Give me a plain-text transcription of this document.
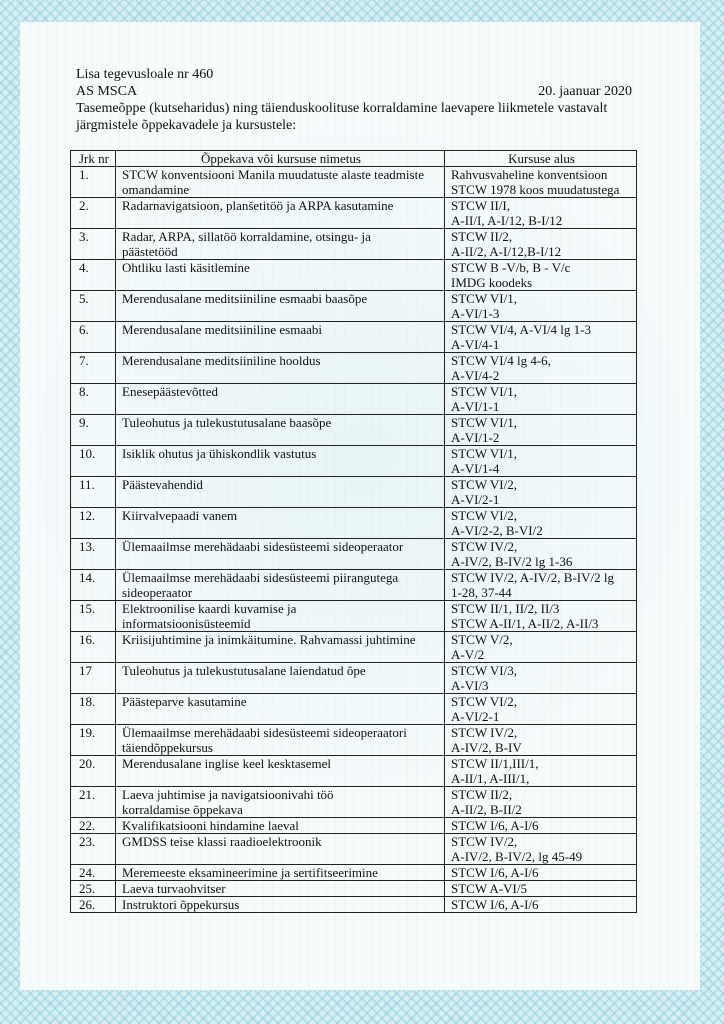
Lisa tegevusloale nr 460
AS MSCA	20. jaanuar 2020
Tasemeõppe (kutseharidus) ning täienduskoolituse korraldamine laevapere liikmetele vastavalt
järgmistele õppekavadele ja kursustele:
Jrk nr	Õppekava või kursuse nimetus	Kursuse alus
1.	STCW konventsiooni Manila muudatuste alaste teadmiste
omandamine	Rahvusvaheline konventsioon
STCW 1978 koos muudatustega

2.	Radarnavigatsioon, planšetitöö ja ARPA kasutamine	STCW II/I,
A-II/I, A-I/12, B-I/12

3.	Radar, ARPA, sillatöö korraldamine, otsingu- ja
päästetööd	STCW II/2,
A-II/2, A-I/12,B-I/12

4.	Ohtliku lasti käsitlemine	STCW B -V/b, B - V/c
IMDG koodeks

5.	Merendusalane meditsiiniline esmaabi baasõpe	STCW VI/1,
A-VI/1-3

6.	Merendusalane meditsiiniline esmaabi	STCW VI/4, A-VI/4 lg 1-3
A-VI/4-1

7.	Merendusalane meditsiiniline hooldus	STCW VI/4 lg 4-6,
A-VI/4-2

8.	Enesepäästevõtted	STCW VI/1,
A-VI/1-1

9.	Tuleohutus ja tulekustutusalane baasõpe	STCW VI/1,
A-VI/1-2

10.	Isiklik ohutus ja ühiskondlik vastutus	STCW VI/1,
A-VI/1-4

11.	Päästevahendid	STCW VI/2,
A-VI/2-1

12.	Kiirvalvepaadi vanem	STCW VI/2,
A-VI/2-2, B-VI/2

13.	Ülemaailmse merehädaabi sidesüsteemi sideoperaator	STCW IV/2,
A-IV/2, B-IV/2 lg 1-36

14.	Ülemaailmse merehädaabi sidesüsteemi piirangutega
sideoperaator	STCW IV/2, A-IV/2, B-IV/2 lg
1-28, 37-44

15.	Elektroonilise kaardi kuvamise ja
informatsioonisüsteemid	STCW II/1, II/2, II/3
STCW A-II/1, A-II/2, A-II/3

16.	Kriisijuhtimine ja inimkäitumine. Rahvamassi juhtimine	STCW V/2,
A-V/2

17	Tuleohutus ja tulekustutusalane laiendatud õpe	STCW VI/3,
A-VI/3

18.	Päästeparve kasutamine	STCW VI/2,
A-VI/2-1

19.	Ülemaailmse merehädaabi sidesüsteemi sideoperaatori
täiendõppekursus	STCW IV/2,
A-IV/2, B-IV

20.	Merendusalane inglise keel kesktasemel	STCW II/1,III/1,
A-II/1, A-III/1,

21.	Laeva juhtimise ja navigatsioonivahi töö
korraldamise õppekava	STCW II/2,
A-II/2, B-II/2

22.	Kvalifikatsiooni hindamine laeval	STCW I/6, A-I/6

23.	GMDSS teise klassi raadioelektroonik	STCW IV/2,
A-IV/2, B-IV/2, lg 45-49

24.	Meremeeste eksamineerimine ja sertifitseerimine	STCW I/6, A-I/6

25.	Laeva turvaohvitser	STCW A-VI/5

26.	Instruktori õppekursus	STCW I/6, A-I/6
